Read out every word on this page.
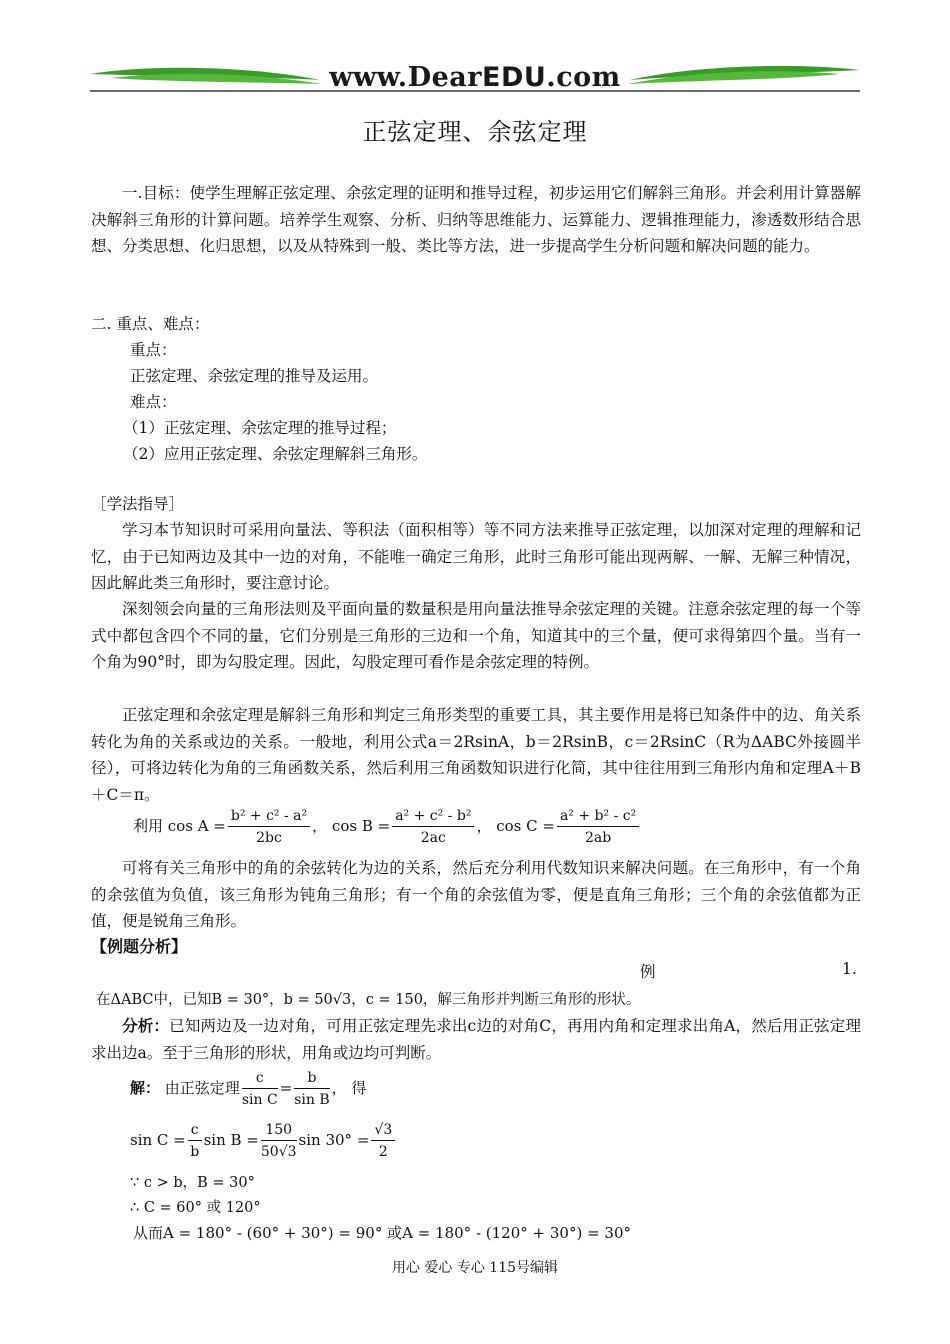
www.DearEDU.com
正弦定理、余弦定理

一.目标：使学生理解正弦定理、余弦定理的证明和推导过程，初步运用它们解斜三角形。并会利用计算器解决解斜三角形的计算问题。培养学生观察、分析、归纳等思维能力、运算能力、逻辑推理能力，渗透数形结合思想、分类思想、化归思想，以及从特殊到一般、类比等方法，进一步提高学生分析问题和解决问题的能力。

二. 重点、难点：
重点：
正弦定理、余弦定理的推导及运用。
难点：
（1）正弦定理、余弦定理的推导过程；
（2）应用正弦定理、余弦定理解斜三角形。
［学法指导］

学习本节知识时可采用向量法、等积法（面积相等）等不同方法来推导正弦定理，以加深对定理的理解和记忆，由于已知两边及其中一边的对角，不能唯一确定三角形，此时三角形可能出现两解、一解、无解三种情况，因此解此类三角形时，要注意讨论。

深刻领会向量的三角形法则及平面向量的数量积是用向量法推导余弦定理的关键。注意余弦定理的每一个等式中都包含四个不同的量，它们分别是三角形的三边和一个角，知道其中的三个量，便可求得第四个量。当有一个角为90°时，即为勾股定理。因此，勾股定理可看作是余弦定理的特例。

正弦定理和余弦定理是解斜三角形和判定三角形类型的重要工具，其主要作用是将已知条件中的边、角关系转化为角的关系或边的关系。一般地，利用公式a＝2RsinA，b＝2RsinB，c＝2RsinC（R为ΔABC外接圆半径），可将边转化为角的三角函数关系，然后利用三角函数知识进行化简，其中往往用到三角形内角和定理A＋B＋C＝π。

利用 $\cos A = \frac{\text{b² + c² - a²}}{2bc}$ ， $\cos B = \frac{\text{a² + c² - b²}}{2ac}$ ， $\cos C = \frac{\text{a² + b² - c²}}{2ab}$

可将有关三角形中的角的余弦转化为边的关系，然后充分利用代数知识来解决问题。在三角形中，有一个角的余弦值为负值，该三角形为钝角三角形；有一个角的余弦值为零，便是直角三角形；三个角的余弦值都为正值，便是锐角三角形。

【例题分析】
例	1.
在ΔABC中，已知B = 30°，b = 50√3，c = 150，解三角形并判断三角形的形状。

分析：已知两边及一边对角，可用正弦定理先求出c边的对角C，再用内角和定理求出角A，然后用正弦定理求出边a。至于三角形的形状，用角或边均可判断。

解： 由正弦定理 $\frac{c}{\text{sin C}} = \frac{b}{\text{sin B}}$ ， 得
$\sin C = \frac{c}{b}$ $\sin B = \frac{150}{50√3}$ $\sin 30^\circ = \frac{√3}{2}$
∵ c > b，B = 30°
∴ C = 60° 或 120°
从而A = 180° - (60° + 30°) = 90° 或A = 180° - (120° + 30°) = 30°
用心 爱心 专心 115号编辑
